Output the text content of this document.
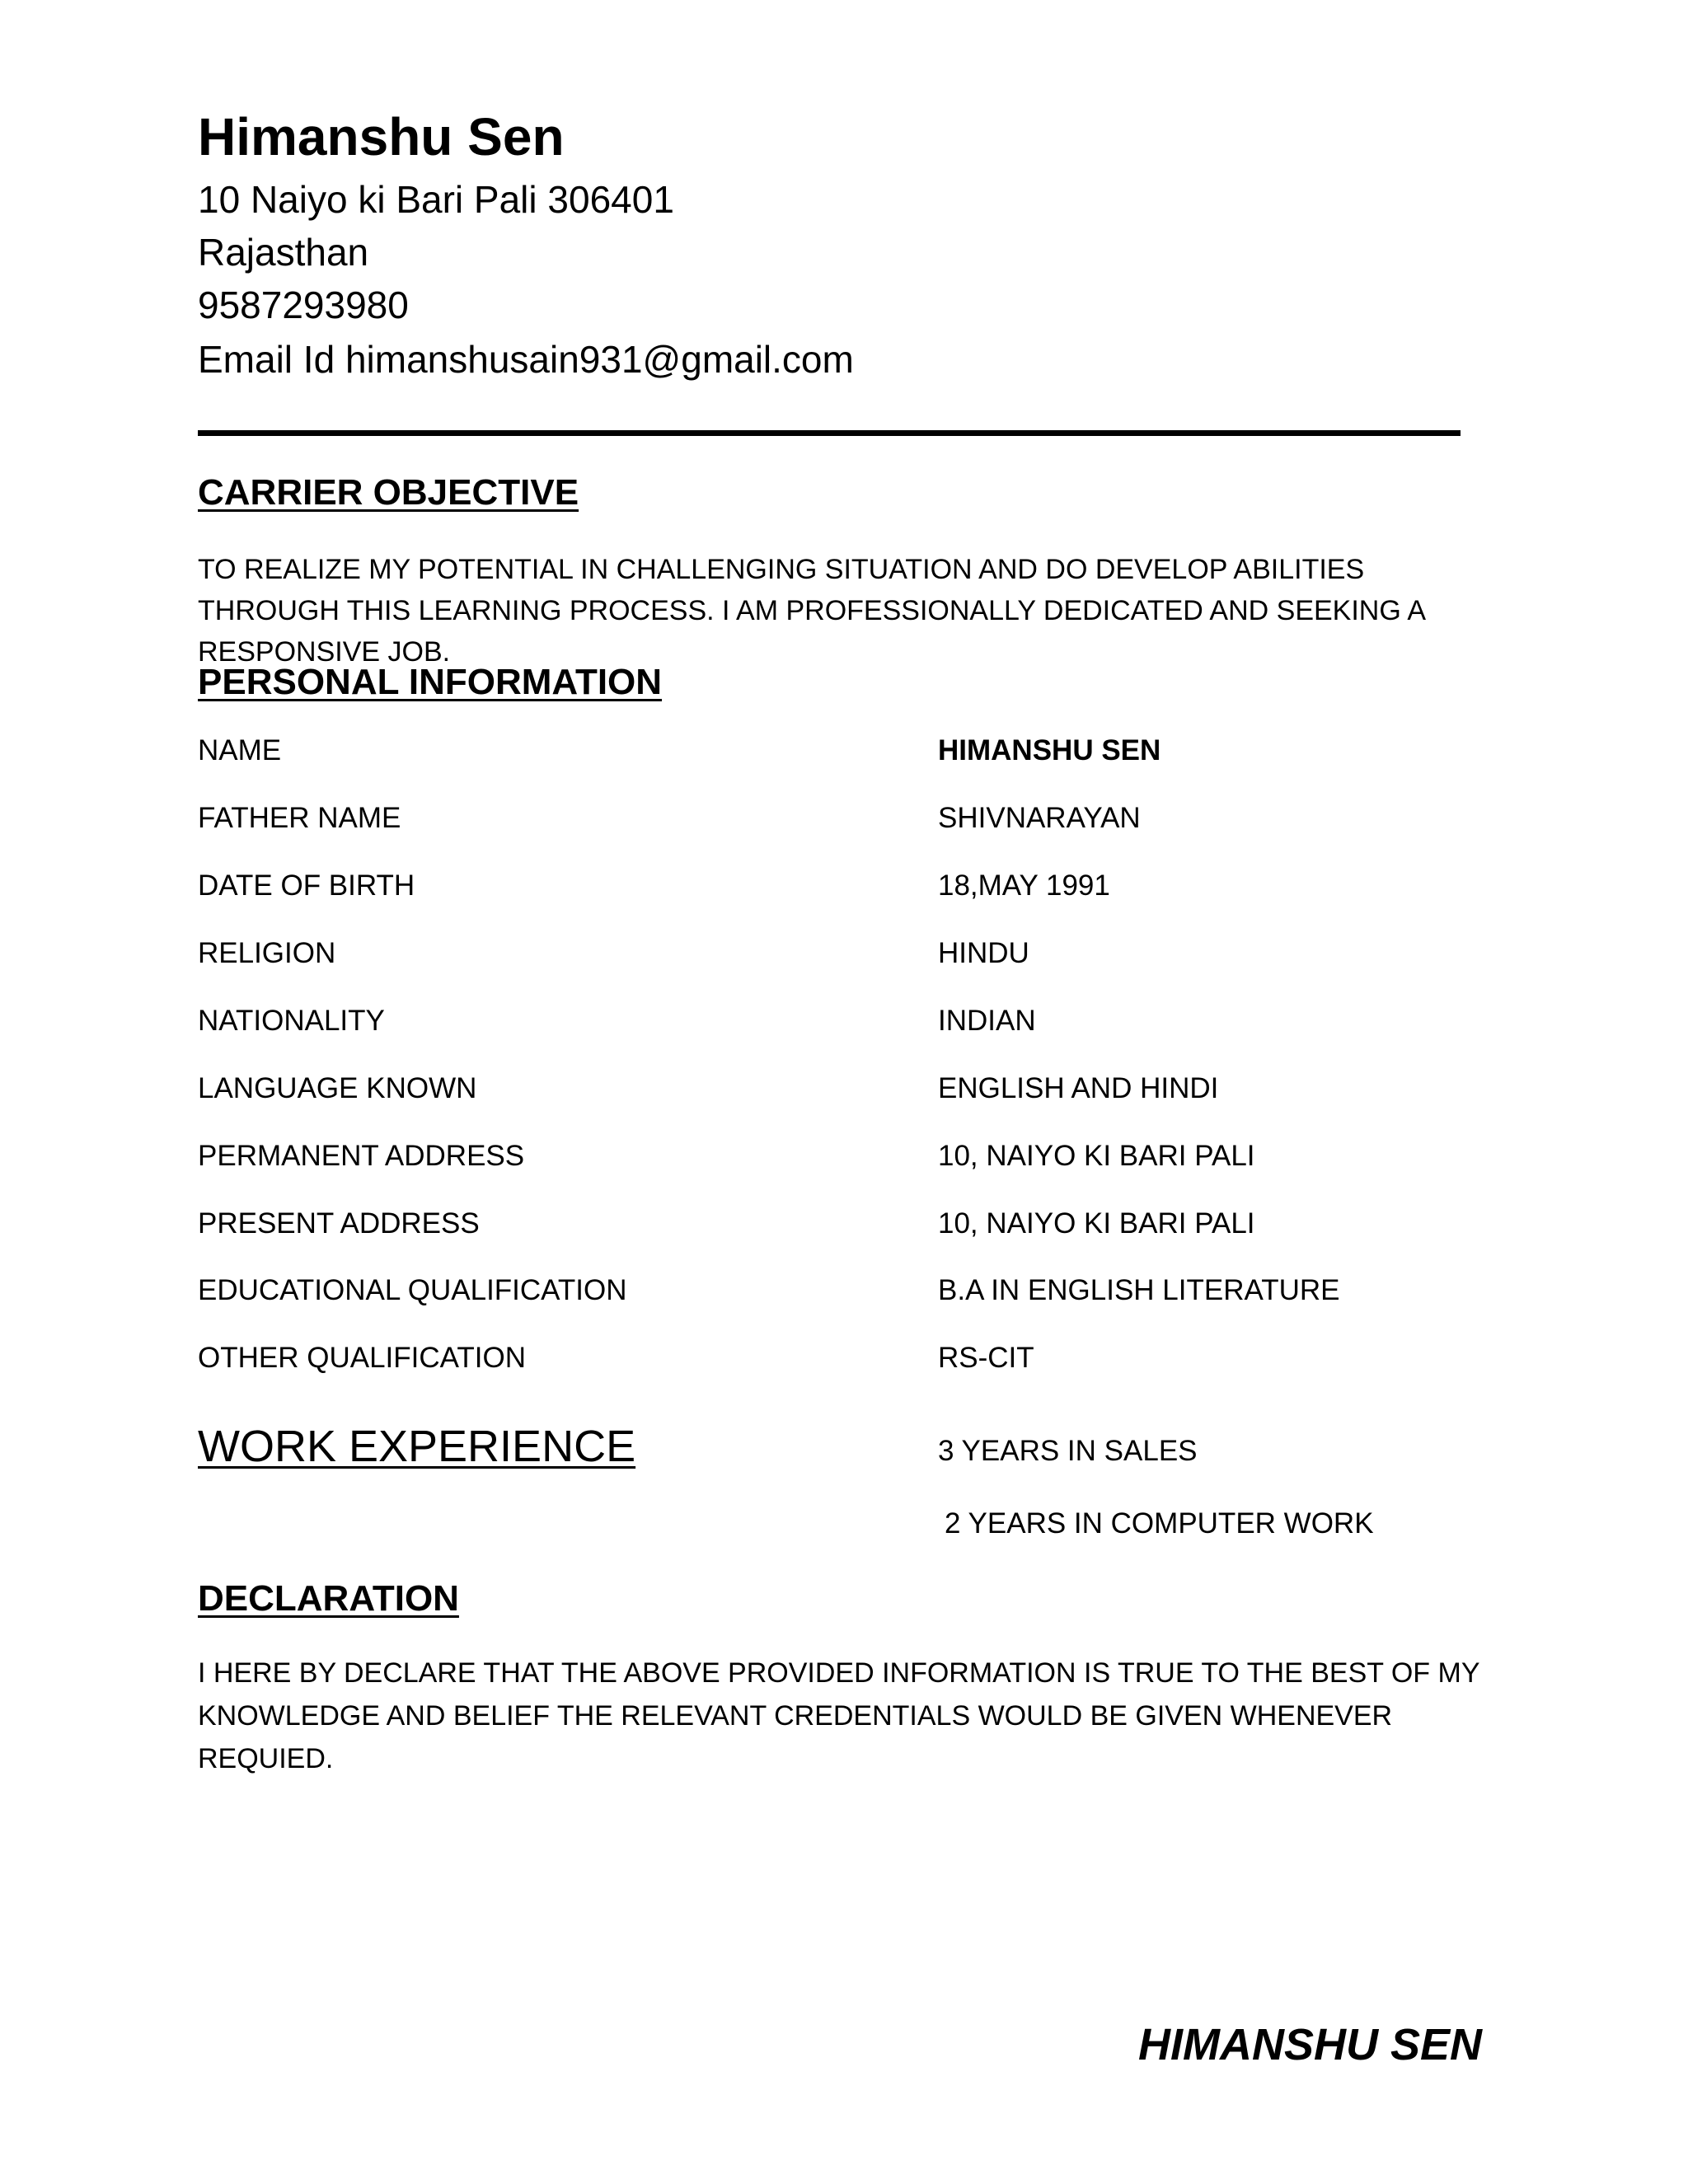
Himanshu Sen
10 Naiyo ki Bari Pali 306401
Rajasthan
9587293980
Email Id himanshusain931@gmail.com
CARRIER OBJECTIVE
TO REALIZE MY POTENTIAL IN CHALLENGING SITUATION AND DO DEVELOP ABILITIES THROUGH THIS LEARNING PROCESS. I AM PROFESSIONALLY DEDICATED AND SEEKING A RESPONSIVE JOB.
PERSONAL INFORMATION
NAME	HIMANSHU SEN
FATHER NAME	SHIVNARAYAN
DATE OF BIRTH	18,MAY 1991
RELIGION	HINDU
NATIONALITY	INDIAN
LANGUAGE KNOWN	ENGLISH AND HINDI
PERMANENT ADDRESS	10, NAIYO KI BARI PALI
PRESENT ADDRESS	10, NAIYO KI BARI PALI
EDUCATIONAL QUALIFICATION	B.A IN ENGLISH LITERATURE
OTHER QUALIFICATION	RS-CIT
WORK EXPERIENCE	3 YEARS IN SALES
2 YEARS IN COMPUTER WORK
DECLARATION
I HERE BY DECLARE THAT THE ABOVE PROVIDED INFORMATION IS TRUE TO THE BEST OF MY KNOWLEDGE AND BELIEF THE RELEVANT CREDENTIALS WOULD BE GIVEN WHENEVER REQUIED.
HIMANSHU SEN
